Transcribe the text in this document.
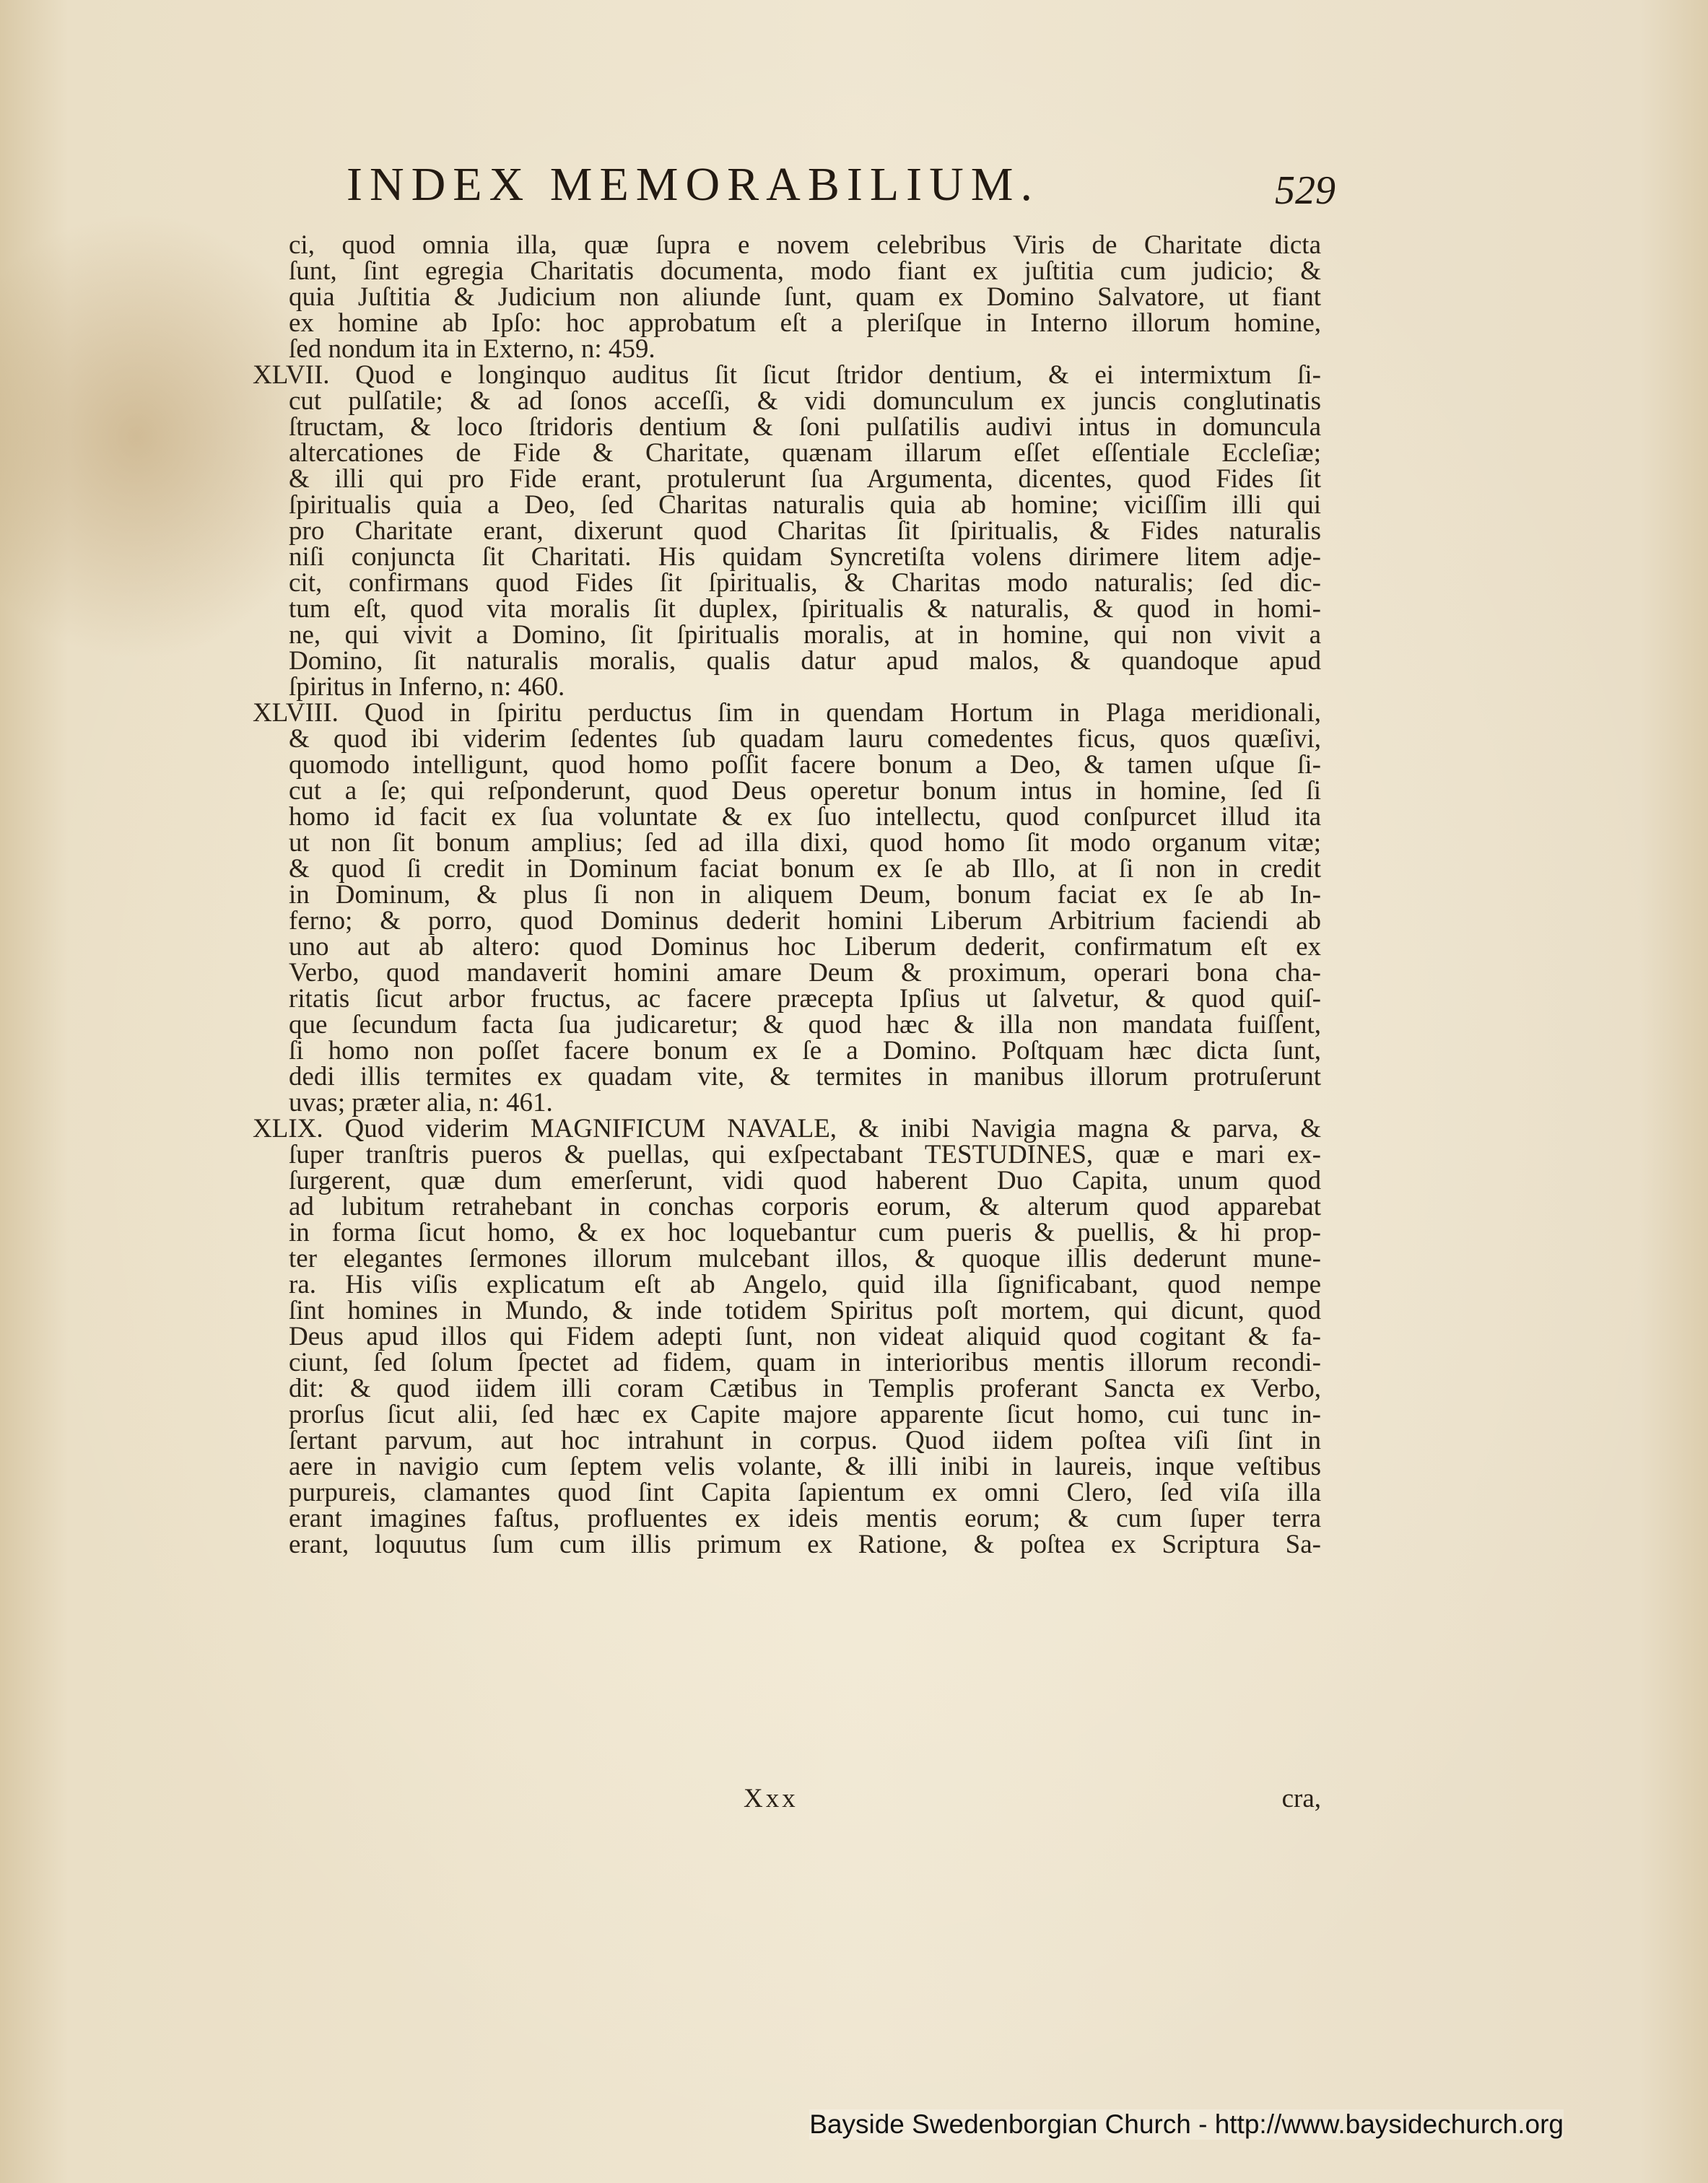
INDEX MEMORABILIUM.	529
ci, quod omnia illa, quæ ſupra e novem celebribus Viris de Charitate dicta
ſunt, ſint egregia Charitatis documenta, modo fiant ex juſtitia cum judicio; &
quia Juſtitia & Judicium non aliunde ſunt, quam ex Domino Salvatore, ut fiant
ex homine ab Ipſo: hoc approbatum eſt a pleriſque in Interno illorum homine,
ſed nondum ita in Externo, n: 459.
XLVII. Quod e longinquo auditus ſit ſicut ſtridor dentium, & ei intermixtum ſi-
cut pulſatile; & ad ſonos acceſſi, & vidi domunculum ex juncis conglutinatis
ſtructam, & loco ſtridoris dentium & ſoni pulſatilis audivi intus in domuncula
altercationes de Fide & Charitate, quænam illarum eſſet eſſentiale Eccleſiæ;
& illi qui pro Fide erant, protulerunt ſua Argumenta, dicentes, quod Fides ſit
ſpiritualis quia a Deo, ſed Charitas naturalis quia ab homine; viciſſim illi qui
pro Charitate erant, dixerunt quod Charitas ſit ſpiritualis, & Fides naturalis
niſi conjuncta ſit Charitati. His quidam Syncretiſta volens dirimere litem adje-
cit, confirmans quod Fides ſit ſpiritualis, & Charitas modo naturalis; ſed dic-
tum eſt, quod vita moralis ſit duplex, ſpiritualis & naturalis, & quod in homi-
ne, qui vivit a Domino, ſit ſpiritualis moralis, at in homine, qui non vivit a
Domino, ſit naturalis moralis, qualis datur apud malos, & quandoque apud
ſpiritus in Inferno, n: 460.
XLVIII. Quod in ſpiritu perductus ſim in quendam Hortum in Plaga meridionali,
& quod ibi viderim ſedentes ſub quadam lauru comedentes ficus, quos quæſivi,
quomodo intelligunt, quod homo poſſit facere bonum a Deo, & tamen uſque ſi-
cut a ſe; qui reſponderunt, quod Deus operetur bonum intus in homine, ſed ſi
homo id facit ex ſua voluntate & ex ſuo intellectu, quod conſpurcet illud ita
ut non ſit bonum amplius; ſed ad illa dixi, quod homo ſit modo organum vitæ;
& quod ſi credit in Dominum faciat bonum ex ſe ab Illo, at ſi non in credit
in Dominum, & plus ſi non in aliquem Deum, bonum faciat ex ſe ab In-
ferno; & porro, quod Dominus dederit homini Liberum Arbitrium faciendi ab
uno aut ab altero: quod Dominus hoc Liberum dederit, confirmatum eſt ex
Verbo, quod mandaverit homini amare Deum & proximum, operari bona cha-
ritatis ſicut arbor fructus, ac facere præcepta Ipſius ut ſalvetur, & quod quiſ-
que ſecundum facta ſua judicaretur; & quod hæc & illa non mandata fuiſſent,
ſi homo non poſſet facere bonum ex ſe a Domino. Poſtquam hæc dicta ſunt,
dedi illis termites ex quadam vite, & termites in manibus illorum protruſerunt
uvas; præter alia, n: 461.
XLIX. Quod viderim MAGNIFICUM NAVALE, & inibi Navigia magna & parva, &
ſuper tranſtris pueros & puellas, qui exſpectabant TESTUDINES, quæ e mari ex-
ſurgerent, quæ dum emerſerunt, vidi quod haberent Duo Capita, unum quod
ad lubitum retrahebant in conchas corporis eorum, & alterum quod apparebat
in forma ſicut homo, & ex hoc loquebantur cum pueris & puellis, & hi prop-
ter elegantes ſermones illorum mulcebant illos, & quoque illis dederunt mune-
ra. His viſis explicatum eſt ab Angelo, quid illa ſignificabant, quod nempe
ſint homines in Mundo, & inde totidem Spiritus poſt mortem, qui dicunt, quod
Deus apud illos qui Fidem adepti ſunt, non videat aliquid quod cogitant & fa-
ciunt, ſed ſolum ſpectet ad fidem, quam in interioribus mentis illorum recondi-
dit: & quod iidem illi coram Cætibus in Templis proferant Sancta ex Verbo,
prorſus ſicut alii, ſed hæc ex Capite majore apparente ſicut homo, cui tunc in-
ſertant parvum, aut hoc intrahunt in corpus. Quod iidem poſtea viſi ſint in
aere in navigio cum ſeptem velis volante, & illi inibi in laureis, inque veſtibus
purpureis, clamantes quod ſint Capita ſapientum ex omni Clero, ſed viſa illa
erant imagines faſtus, profluentes ex ideis mentis eorum; & cum ſuper terra
erant, loquutus ſum cum illis primum ex Ratione, & poſtea ex Scriptura Sa-
Xxx	cra,
Bayside Swedenborgian Church - http://www.baysidechurch.org
